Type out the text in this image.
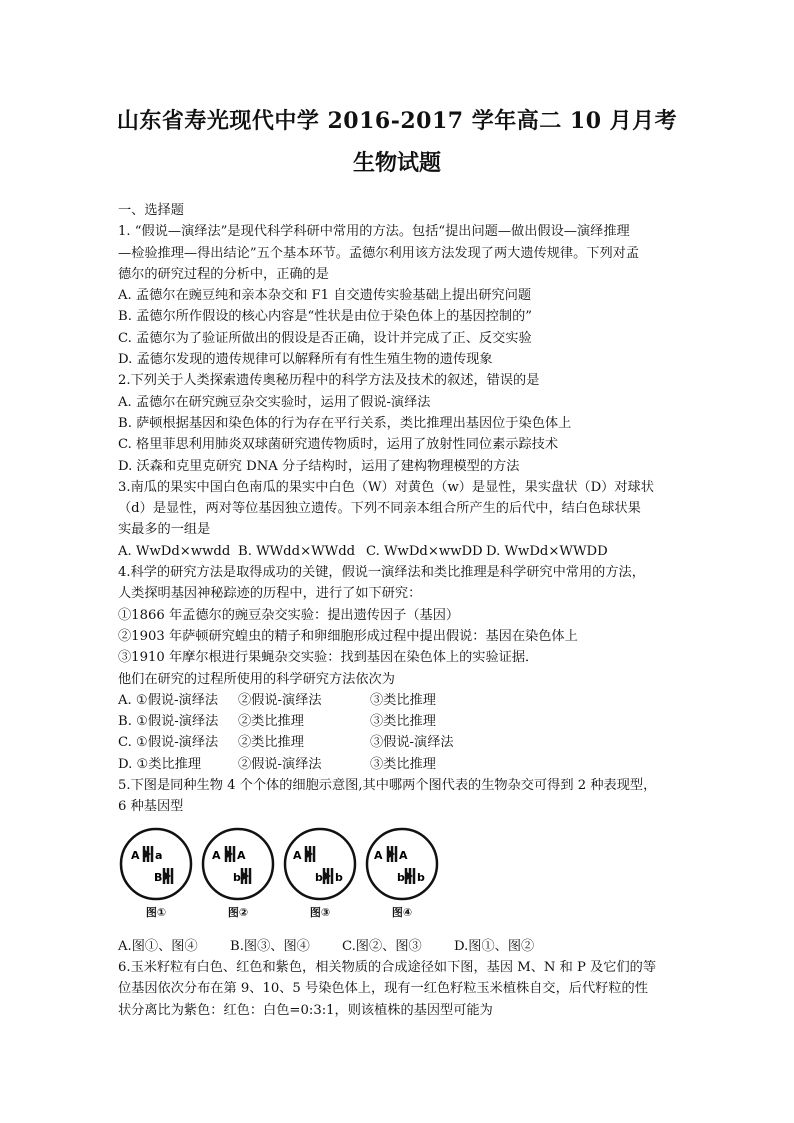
山东省寿光现代中学 2016-2017 学年高二 10 月月考
生物试题
一、选择题
1. “假说—演绎法”是现代科学科研中常用的方法。包括“提出问题—做出假设—演绎推理
—检验推理—得出结论”五个基本环节。孟德尔利用该方法发现了两大遗传规律。下列对孟
德尔的研究过程的分析中，正确的是
A. 孟德尔在豌豆纯和亲本杂交和 F1 自交遗传实验基础上提出研究问题
B. 孟德尔所作假设的核心内容是“性状是由位于染色体上的基因控制的”
C. 孟德尔为了验证所做出的假设是否正确，设计并完成了正、反交实验
D. 孟德尔发现的遗传规律可以解释所有有性生殖生物的遗传现象
2.下列关于人类探索遗传奥秘历程中的科学方法及技术的叙述，错误的是
A. 孟德尔在研究豌豆杂交实验时，运用了假说-演绎法
B. 萨顿根据基因和染色体的行为存在平行关系，类比推理出基因位于染色体上
C. 格里菲思利用肺炎双球菌研究遗传物质时，运用了放射性同位素示踪技术
D. 沃森和克里克研究 DNA 分子结构时，运用了建构物理模型的方法
3.南瓜的果实中国白色南瓜的果实中白色（W）对黄色（w）是显性，果实盘状（D）对球状
（d）是显性，两对等位基因独立遗传。下列不同亲本组合所产生的后代中，结白色球状果
实最多的一组是
A. WwDd×wwdd B. WWdd×WWdd C. WwDd×wwDD D. WwDd×WWDD
4.科学的研究方法是取得成功的关键，假说一演绎法和类比推理是科学研究中常用的方法，
人类探明基因神秘踪迹的历程中，进行了如下研究：
①1866 年孟德尔的豌豆杂交实验：提出遗传因子（基因）
②1903 年萨顿研究蝗虫的精子和卵细胞形成过程中提出假说：基因在染色体上
③1910 年摩尔根进行果蝇杂交实验：找到基因在染色体上的实验证据．
他们在研究的过程所使用的科学研究方法依次为
A. ①假说-演绎法 ②假说-演绎法	③类比推理
B. ①假说-演绎法 ②类比推理	③类比推理
C. ①假说-演绎法 ②类比推理	③假说-演绎法
D. ①类比推理	②假说-演绎法	③类比推理
5.下图是同种生物 4 个个体的细胞示意图,其中哪两个图代表的生物杂交可得到 2 种表现型，
6 种基因型
A a
B
图①
A A
b
图②
A
b b
图③
A A
b b
图④
A.图①、图④ B.图③、图④ C.图②、图③ D.图①、图②
6.玉米籽粒有白色、红色和紫色，相关物质的合成途径如下图，基因 M、N 和 P 及它们的等
位基因依次分布在第 9、10、5 号染色体上，现有一红色籽粒玉米植株自交，后代籽粒的性
状分离比为紫色：红色：白色=0:3:1，则该植株的基因型可能为
